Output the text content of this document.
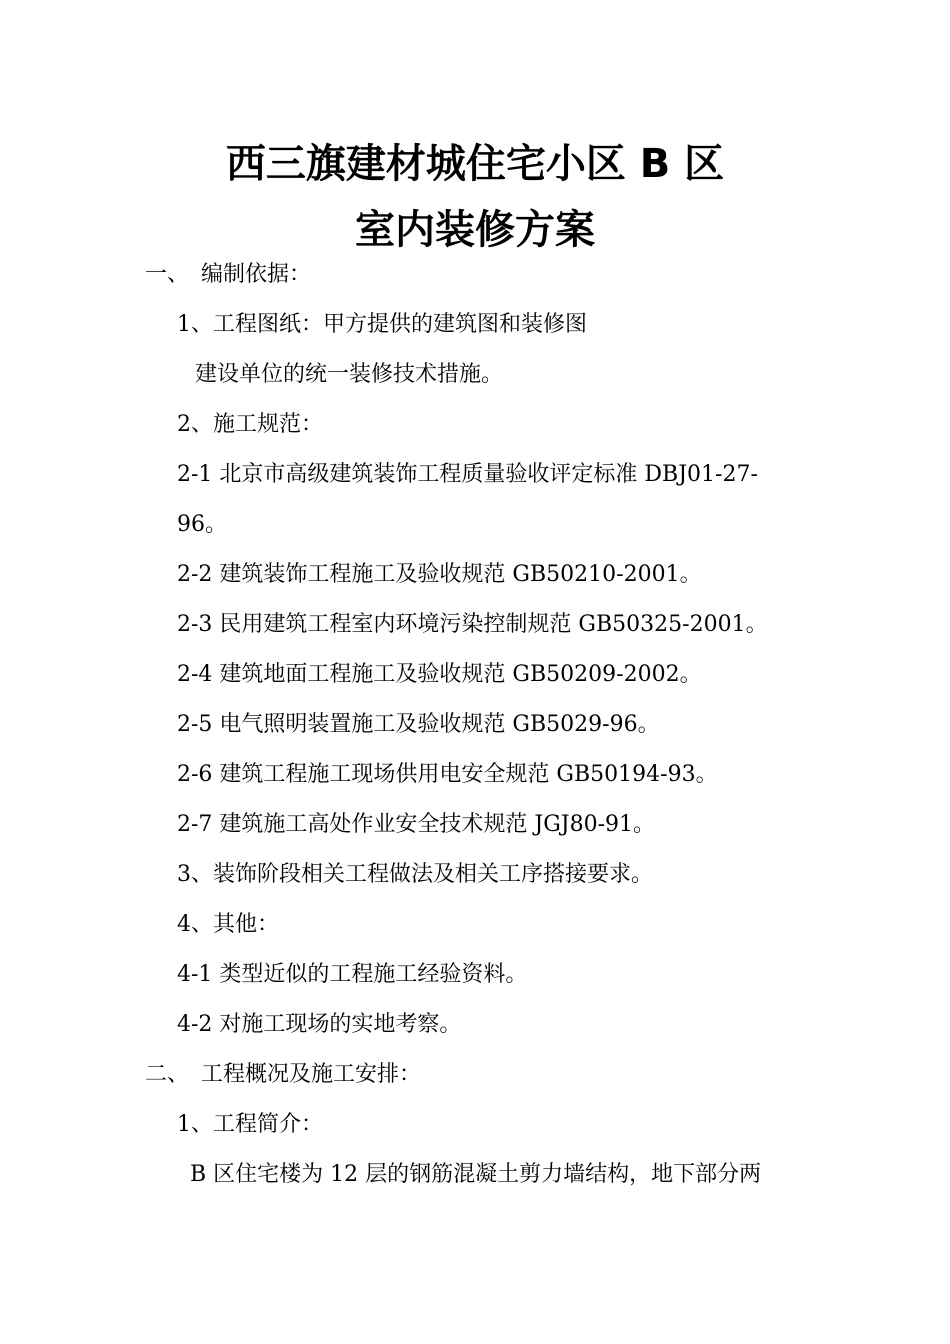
西三旗建材城住宅小区 B 区
室内装修方案

一、 编制依据：

1、工程图纸：甲方提供的建筑图和装修图

建设单位的统一装修技术措施。

2、施工规范：

2-1 北京市高级建筑装饰工程质量验收评定标准 DBJ01-27-

96。

2-2 建筑装饰工程施工及验收规范 GB50210-2001。

2-3 民用建筑工程室内环境污染控制规范 GB50325-2001。

2-4 建筑地面工程施工及验收规范 GB50209-2002。

2-5 电气照明装置施工及验收规范 GB5029-96。

2-6 建筑工程施工现场供用电安全规范 GB50194-93。

2-7 建筑施工高处作业安全技术规范 JGJ80-91。

3、装饰阶段相关工程做法及相关工序搭接要求。

4、其他：

4-1 类型近似的工程施工经验资料。

4-2 对施工现场的实地考察。

二、 工程概况及施工安排：

1、工程简介：

B 区住宅楼为 12 层的钢筋混凝土剪力墙结构，地下部分两
